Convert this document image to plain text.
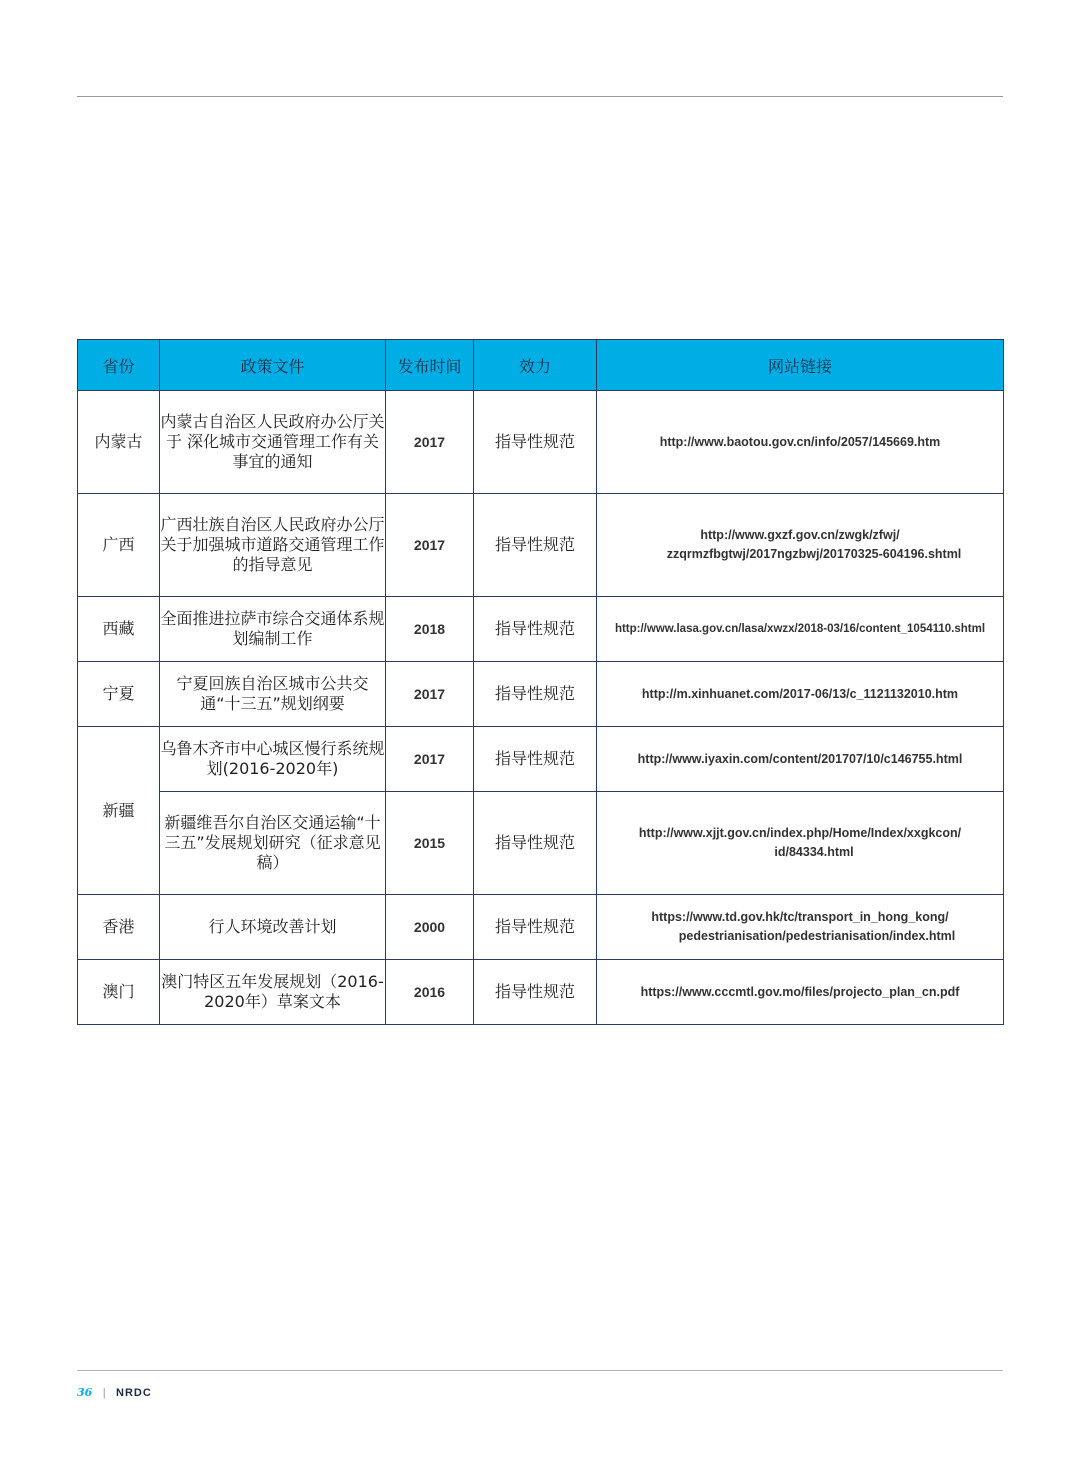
省份	政策文件	发布时间	效力	网站链接
内蒙古	内蒙古自治区人民政府办公厅关于 深化城市交通管理工作有关事宜的通知	2017	指导性规范	http://www.baotou.gov.cn/info/2057/145669.htm
广西	广西壮族自治区人民政府办公厅关于加强城市道路交通管理工作的指导意见	2017	指导性规范	http://www.gxzf.gov.cn/zwgk/zfwj/
zzqrmzfbgtwj/2017ngzbwj/20170325-604196.shtml

西藏	全面推进拉萨市综合交通体系规划编制工作	2018	指导性规范	http://www.lasa.gov.cn/lasa/xwzx/2018-03/16/content_1054110.shtml
宁夏	宁夏回族自治区城市公共交通“十三五”规划纲要	2017	指导性规范	http://m.xinhuanet.com/2017-06/13/c_1121132010.htm
新疆	乌鲁木齐市中心城区慢行系统规划(2016-2020年)	2017	指导性规范	http://www.iyaxin.com/content/201707/10/c146755.html
	新疆维吾尔自治区交通运输“十三五”发展规划研究（征求意见稿）	2015	指导性规范	http://www.xjjt.gov.cn/index.php/Home/Index/xxgkcon/
id/84334.html

香港	行人环境改善计划	2000	指导性规范	https://www.td.gov.hk/tc/transport_in_hong_kong/
pedestrianisation/pedestrianisation/index.html

澳门	澳门特区五年发展规划（2016-2020年）草案文本	2016	指导性规范	https://www.cccmtl.gov.mo/files/projecto_plan_cn.pdf
36 | NRDC
